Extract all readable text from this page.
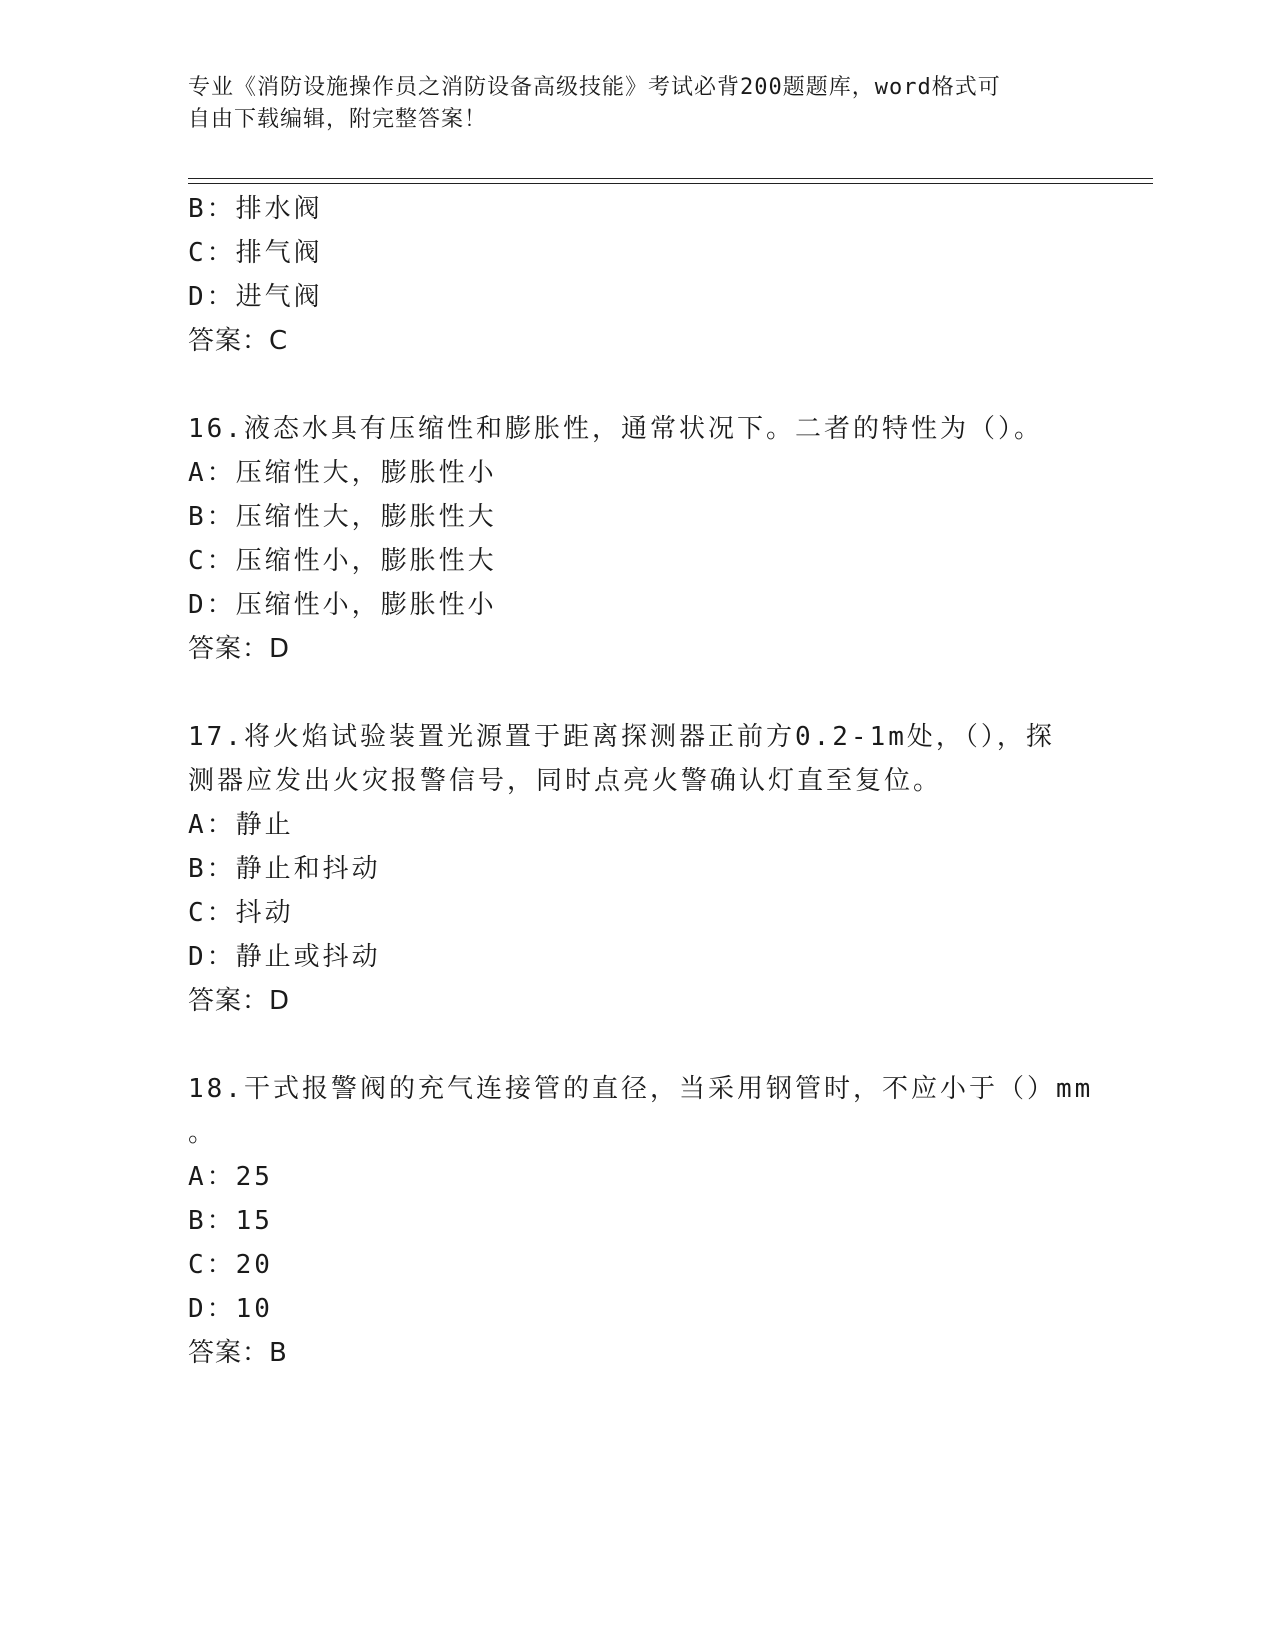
专业《消防设施操作员之消防设备高级技能》考试必背200题题库，word格式可
自由下载编辑，附完整答案！
B：排水阀
C：排气阀
D：进气阀
答案：C
16.液态水具有压缩性和膨胀性，通常状况下。二者的特性为（）。
A：压缩性大，膨胀性小
B：压缩性大，膨胀性大
C：压缩性小，膨胀性大
D：压缩性小，膨胀性小
答案：D
17.将火焰试验装置光源置于距离探测器正前方0.2-1m处，（），探
测器应发出火灾报警信号，同时点亮火警确认灯直至复位。
A：静止
B：静止和抖动
C：抖动
D：静止或抖动
答案：D
18.干式报警阀的充气连接管的直径，当采用钢管时，不应小于（）mm
。
A：25
B：15
C：20
D：10
答案：B
